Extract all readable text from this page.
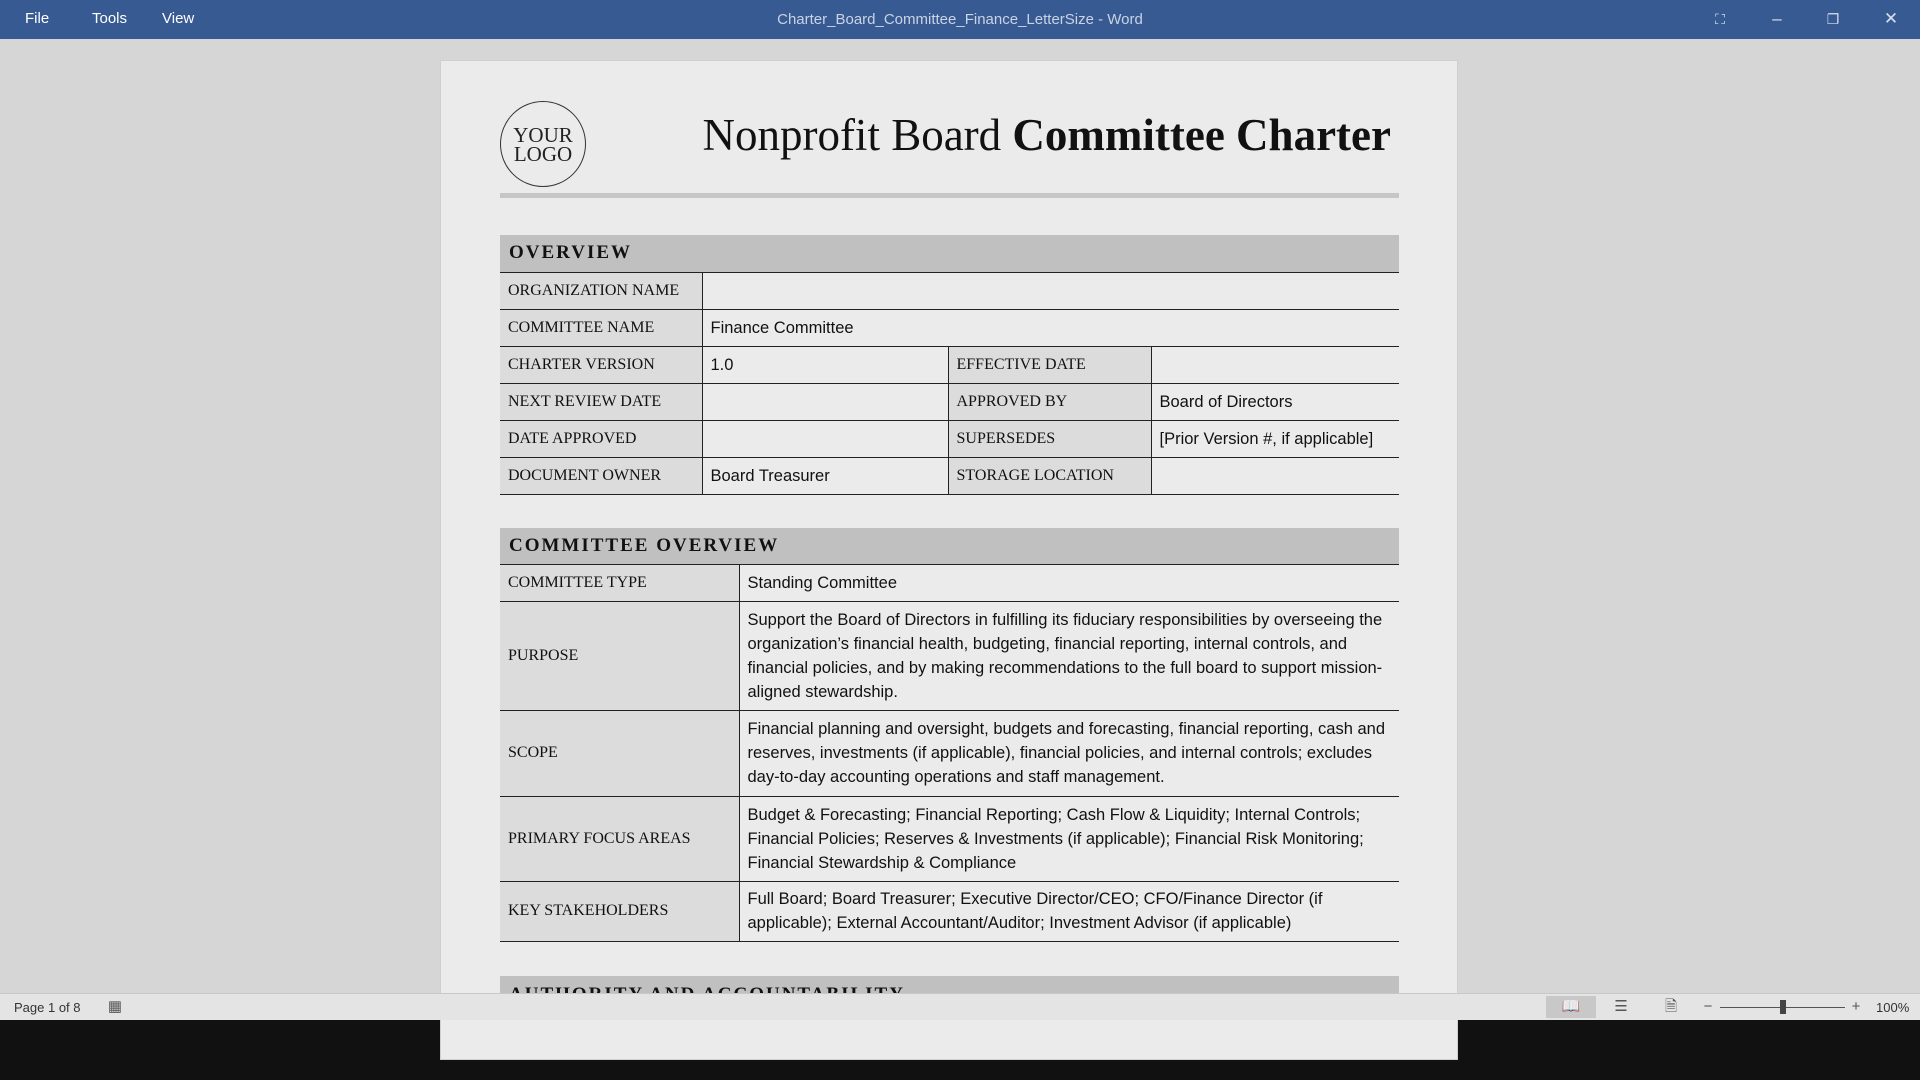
File	Tools View	Charter_Board_Committee_Finance_LetterSize - Word	⛶	–	❐	✕
YOUR
LOGO	Nonprofit Board Committee Charter
OVERVIEW			
ORGANIZATION NAME			
COMMITTEE NAME	Finance Committee		
CHARTER VERSION	1.0	EFFECTIVE DATE	
NEXT REVIEW DATE		APPROVED BY	Board of Directors
DATE APPROVED		SUPERSEDES	[Prior Version #, if applicable]
DOCUMENT OWNER	Board Treasurer	STORAGE LOCATION	
COMMITTEE OVERVIEW	
COMMITTEE TYPE	Standing Committee
PURPOSE	Support the Board of Directors in fulfilling its fiduciary responsibilities by overseeing the organization’s financial health, budgeting, financial reporting, internal controls, and financial policies, and by making recommendations to the full board to support mission-aligned stewardship.
SCOPE	Financial planning and oversight, budgets and forecasting, financial reporting, cash and reserves, investments (if applicable), financial policies, and internal controls; excludes day-to-day accounting operations and staff management.
PRIMARY FOCUS AREAS	Budget & Forecasting; Financial Reporting; Cash Flow & Liquidity; Internal Controls; Financial Policies; Reserves & Investments (if applicable); Financial Risk Monitoring; Financial Stewardship & Compliance
KEY STAKEHOLDERS	Full Board; Board Treasurer; Executive Director/CEO; CFO/Finance Director (if applicable); External Accountant/Auditor; Investment Advisor (if applicable)
Page 1 of 8	▦	📖	☰	🗎	−	+	100%
